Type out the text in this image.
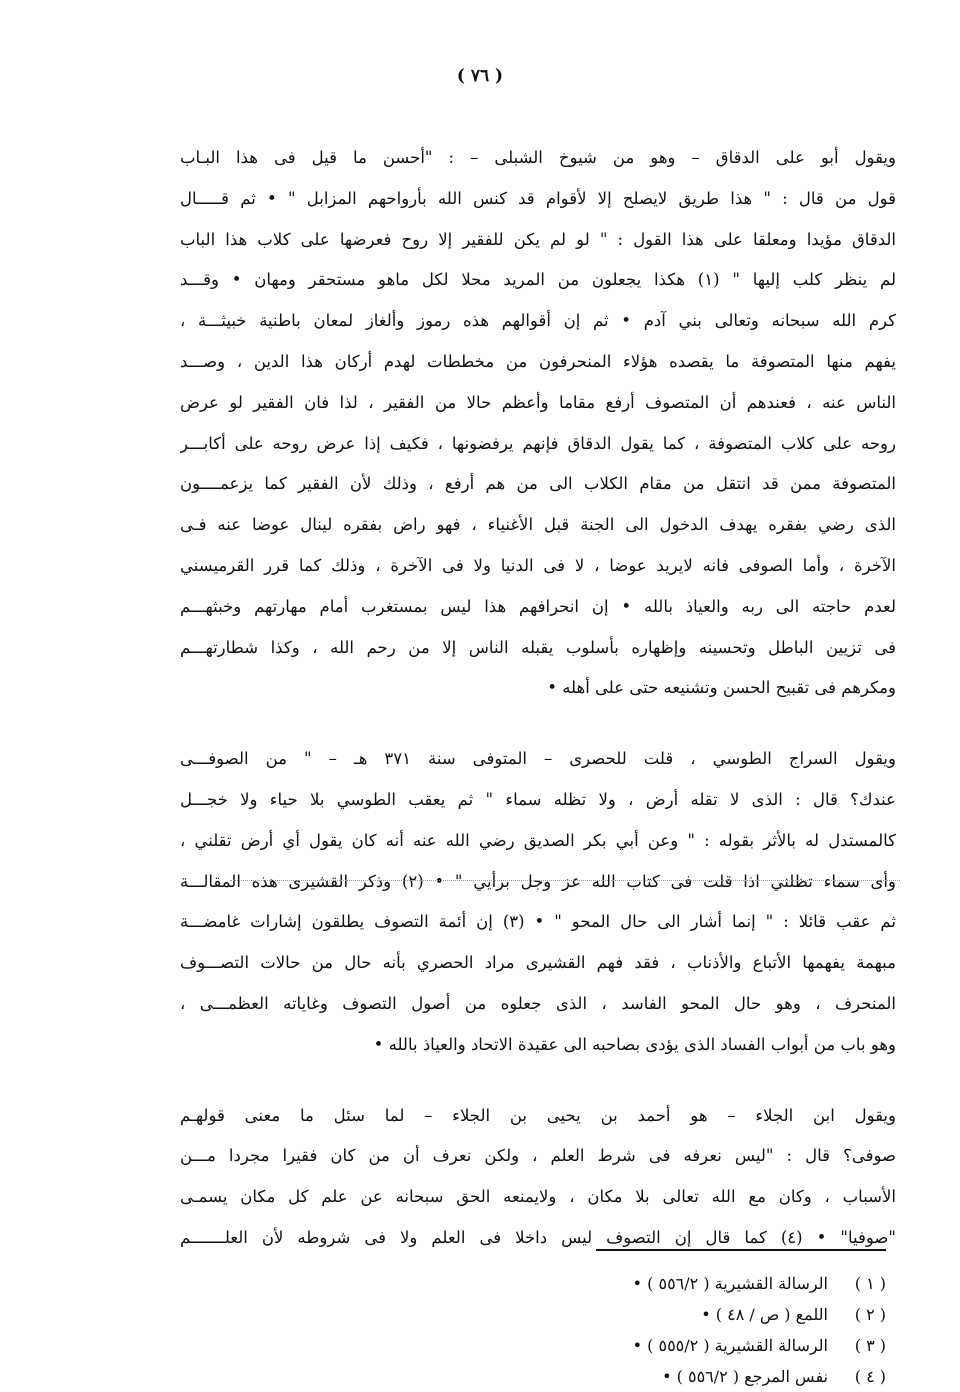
( ٧٦ )
ويقول أبو على الدقاق – وهو من شيوخ الشبلى – : "أحسن ما قيل فى هذا البـاب
قول من قال : " هذا طريق لايصلح إلا لأقوام قد كنس الله بأرواحهم المزابل " • ثم قـــــال
الدقاق مؤيدا ومعلقا على هذا القول : " لو لم يكن للفقير إلا روح فعرضها على كلاب هذا الباب
لم ينظر كلب إليها " (١) هكذا يجعلون من المريد محلا لكل ماهو مستحقر ومهان • وقـــد
كرم الله سبحانه وتعالى بني آدم • ثم إن أقوالهم هذه رموز وألغاز لمعان باطنية خبيثـــة ،
يفهم منها المتصوفة ما يقصده هؤلاء المنحرفون من مخططات لهدم أركان هذا الدين ، وصـــد
الناس عنه ، فعندهم أن المتصوف أرفع مقاما وأعظم حالا من الفقير ، لذا فان الفقير لو عرض
روحه على كلاب المتصوفة ، كما يقول الدقاق فإنهم يرفضونها ، فكيف إذا عرض روحه على أكابـــر
المتصوفة ممن قد انتقل من مقام الكلاب الى من هم أرفع ، وذلك لأن الفقير كما يزعمــــون
الذى رضي بفقره يهدف الدخول الى الجنة قبل الأغنياء ، فهو راض بفقره لينال عوضا عنه فـى
الآخرة ، وأما الصوفى فانه لايريد عوضا ، لا فى الدنيا ولا فى الآخرة ، وذلك كما قرر القرميسني
لعدم حاجته الى ربه والعياذ بالله • إن انحرافهم هذا ليس بمستغرب أمام مهارتهم وخبثهـــم
فى تزيين الباطل وتحسينه وإظهاره بأسلوب يقبله الناس إلا من رحم الله ، وكذا شطارتهـــم
ومكرهم فى تقبيح الحسن وتشنيعه حتى على أهله •
ويقول السراج الطوسي ، قلت للحصرى – المتوفى سنة ٣٧١ هـ – " من الصوفـــى
عندك؟ قال : الذى لا تقله أرض ، ولا تظله سماء " ثم يعقب الطوسي بلا حياء ولا خجـــل
كالمستدل له بالأثر بقوله : " وعن أبي بكر الصديق رضي الله عنه أنه كان يقول أي أرض تقلني ،
وأى سماء تظلني اذا قلت فى كتاب الله عز وجل برأيي " • (٢) وذكر القشيرى هذه المقالـــة
ثم عقب قائلا : " إنما أشار الى حال المحو " • (٣) إن أئمة التصوف يطلقون إشارات غامضـــة
مبهمة يفهمها الأتباع والأذناب ، فقد فهم القشيرى مراد الحصري بأنه حال من حالات التصـــوف
المنحرف ، وهو حال المحو الفاسد ، الذى جعلوه من أصول التصوف وغاياته العظمـــى ،
وهو باب من أبواب الفساد الذى يؤدى بصاحبه الى عقيدة الاتحاد والعياذ بالله •
ويقول ابن الجلاء – هو أحمد بن يحيى بن الجلاء – لما سئل ما معنى قولهـم
صوفى؟ قال : "ليس نعرفه فى شرط العلم ، ولكن نعرف أن من كان فقيرا مجردا مـــن
الأسباب ، وكان مع الله تعالى بلا مكان ، ولايمنعه الحق سبحانه عن علم كل مكان يسمـى
"صوفيا" • (٤) كما قال إن التصوف ليس داخلا فى العلم ولا فى شروطه لأن العلـــــــم
( ١ )الرسالة القشيرية ( ٥٥٦/٢ ) •
( ٢ )اللمع ( ص / ٤٨ ) •
( ٣ )الرسالة القشيرية ( ٥٥٥/٢ ) •
( ٤ )نفس المرجع ( ٥٥٦/٢ ) •
